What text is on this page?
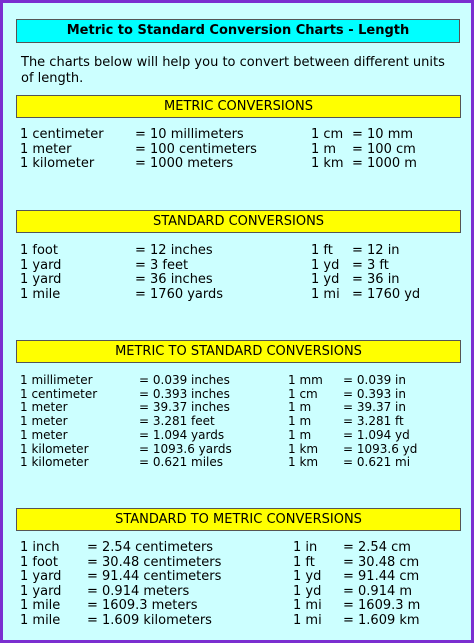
Metric to Standard Conversion Charts - Length
The charts below will help you to convert between different units of length.
METRIC CONVERSIONS
1 centimeter = 10 millimeters	1 cm = 10 mm
1 meter	= 100 centimeters	1 m = 100 cm
1 kilometer	= 1000 meters	1 km = 1000 m
STANDARD CONVERSIONS
1 foot	= 12 inches	1 ft = 12 in
1 yard	= 3 feet	1 yd = 3 ft
1 yard	= 36 inches	1 yd = 36 in
1 mile	= 1760 yards	1 mi = 1760 yd
METRIC TO STANDARD CONVERSIONS
1 millimeter	= 0.039 inches	1 mm = 0.039 in
1 centimeter	= 0.393 inches	1 cm = 0.393 in
1 meter	= 39.37 inches	1 m	= 39.37 in
1 meter	= 3.281 feet	1 m	= 3.281 ft
1 meter	= 1.094 yards	1 m	= 1.094 yd
1 kilometer	= 1093.6 yards	1 km = 1093.6 yd
1 kilometer	= 0.621 miles	1 km = 0.621 mi
STANDARD TO METRIC CONVERSIONS
1 inch = 2.54 centimeters	1 in = 2.54 cm
1 foot = 30.48 centimeters	1 ft = 30.48 cm
1 yard = 91.44 centimeters	1 yd = 91.44 cm
1 yard = 0.914 meters	1 yd = 0.914 m
1 mile = 1609.3 meters	1 mi = 1609.3 m
1 mile = 1.609 kilometers	1 mi = 1.609 km
